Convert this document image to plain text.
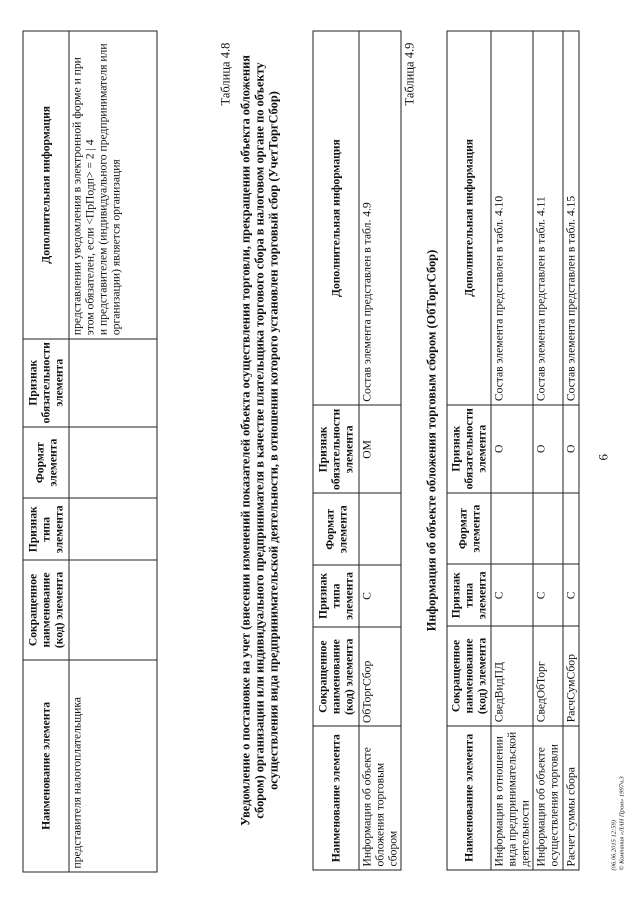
Наименование элемента	Сокращенное наименование (код) элемента	Признак типа элемента	Формат элемента	Признак обязательности элемента	Дополнительная информация
представителя налогоплательщика					представлении уведомления в электронной форме и при этом обязателен, если <ПрПодп> = 2 | 4
и представителем (индивидуального предпринимателя или организации) является организация
6
Таблица 4.8 Уведомление о постановке на учет (внесении изменений показателей объекта осуществления торговли, прекращении объекта обложения сбором) организации или индивидуального предпринимателя в качестве плательщика торгового сбора в налоговом органе по объекту осуществления вида предпринимательской деятельности, в отношении которого установлен торговый сбор (УчетТоргСбор)
Наименование элемента	Сокращенное наименование (код) элемента	Признак типа элемента	Формат элемента	Признак обязательности элемента	Дополнительная информация
Информация об объекте обложения торговым сбором	ОбТоргСбор	С		ОМ	Состав элемента представлен в табл. 4.9
Таблица 4.9
Информация об объекте обложения торговым сбором (ОбТоргСбор)
Наименование элемента	Сокращенное наименование (код) элемента	Признак типа элемента	Формат элемента	Признак обязательности элемента	Дополнительная информация
Информация в отношении вида предпринимательской деятельности	СведВидПД	С		О	Состав элемента представлен в табл. 4.10
Информация об объекте осуществления торговли	СведОбТорг	С		О	Состав элемента представлен в табл. 4.11
Расчет суммы сбора	РасчСумСбор	С		О	Состав элемента представлен в табл. 4.15
(06.06.2015 12:59) © Компания «ЛАН Пром» 1997ч.3
